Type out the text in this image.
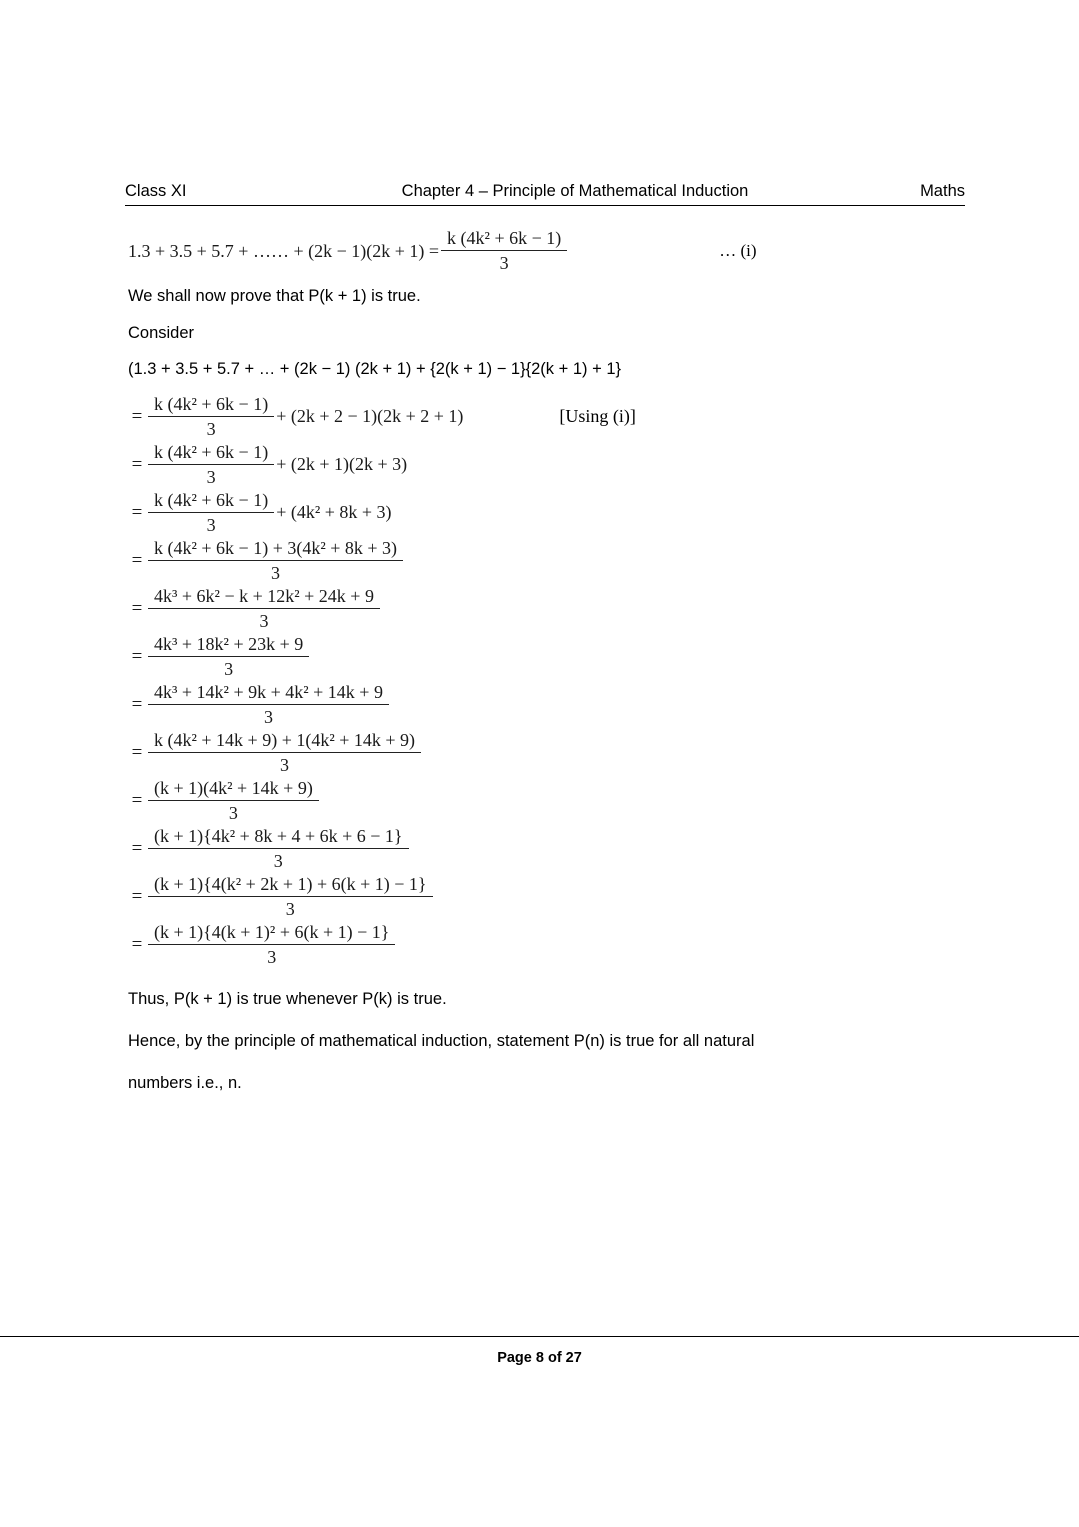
Class XI	Chapter 4 – Principle of Mathematical Induction	Maths
1.3 + 3.5 + 5.7 + …… + $(2k - 1)(2k + 1) = \frac{\text{k (4k² + 6k − 1)}}{3}$	… (i)

We shall now prove that P(k + 1) is true.

Consider

(1.3 + 3.5 + 5.7 + … + (2k − 1) (2k + 1) + {2(k + 1) − 1}{2(k + 1) + 1}

= $\frac{\text{k (4k² + 6k − 1)}}{3} + (2k + 2 - 1)(2k + 2 + 1)$	[Using (i)]
= $\frac{\text{k (4k² + 6k − 1)}}{3} + (2k + 1)(2k + 3)$
= $\frac{\text{k (4k² + 6k − 1)}}{3} + (4k^2 + 8k + 3)$
= $\frac{\text{k (4k² + 6k − 1) + 3(4k² + 8k + 3)}}{3}$
= $\frac{\text{4k³ + 6k² − k + 12k² + 24k + 9}}{3}$
= $\frac{\text{4k³ + 18k² + 23k + 9}}{3}$
= $\frac{\text{4k³ + 14k² + 9k + 4k² + 14k + 9}}{3}$
= $\frac{\text{k (4k² + 14k + 9) + 1(4k² + 14k + 9)}}{3}$
= $\frac{\text{(k + 1)(4k² + 14k + 9)}}{3}$
= $\frac{\text{(k + 1)\{4k² + 8k + 4 + 6k + 6 − 1\}}}{3}$
= $\frac{\text{(k + 1)\{4(k² + 2k + 1) + 6(k + 1) − 1\}}}{3}$
= $\frac{\text{(k + 1)\{4(k + 1)² + 6(k + 1) − 1\}}}{3}$

Thus, P(k + 1) is true whenever P(k) is true.

Hence, by the principle of mathematical induction, statement P(n) is true for all natural

numbers i.e., n.

Page 8 of 27
